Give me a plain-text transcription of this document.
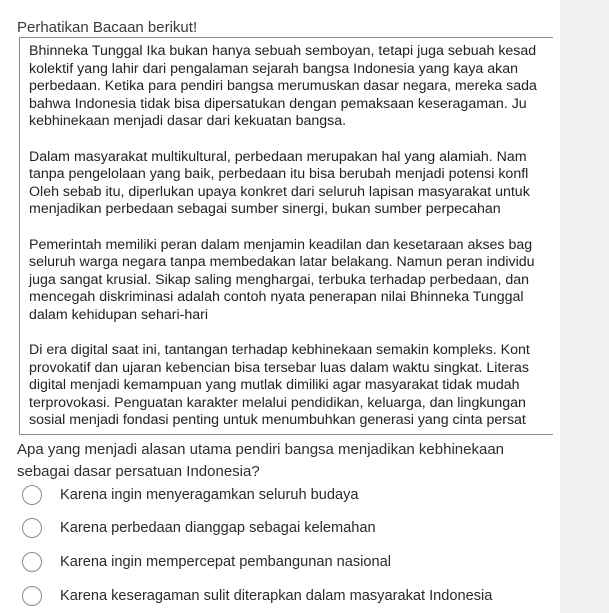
Perhatikan Bacaan berikut!
Bhinneka Tunggal Ika bukan hanya sebuah semboyan, tetapi juga sebuah kesad
kolektif yang lahir dari pengalaman sejarah bangsa Indonesia yang kaya akan
perbedaan. Ketika para pendiri bangsa merumuskan dasar negara, mereka sada
bahwa Indonesia tidak bisa dipersatukan dengan pemaksaan keseragaman. Ju
kebhinekaan menjadi dasar dari kekuatan bangsa.
Dalam masyarakat multikultural, perbedaan merupakan hal yang alamiah. Nam
tanpa pengelolaan yang baik, perbedaan itu bisa berubah menjadi potensi konfl
Oleh sebab itu, diperlukan upaya konkret dari seluruh lapisan masyarakat untuk
menjadikan perbedaan sebagai sumber sinergi, bukan sumber perpecahan
Pemerintah memiliki peran dalam menjamin keadilan dan kesetaraan akses bag
seluruh warga negara tanpa membedakan latar belakang. Namun peran individu
juga sangat krusial. Sikap saling menghargai, terbuka terhadap perbedaan, dan
mencegah diskriminasi adalah contoh nyata penerapan nilai Bhinneka Tunggal
dalam kehidupan sehari-hari
Di era digital saat ini, tantangan terhadap kebhinekaan semakin kompleks. Kont
provokatif dan ujaran kebencian bisa tersebar luas dalam waktu singkat. Literas
digital menjadi kemampuan yang mutlak dimiliki agar masyarakat tidak mudah
terprovokasi. Penguatan karakter melalui pendidikan, keluarga, dan lingkungan
sosial menjadi fondasi penting untuk menumbuhkan generasi yang cinta persat
Apa yang menjadi alasan utama pendiri bangsa menjadikan kebhinekaan
sebagai dasar persatuan Indonesia?
Karena ingin menyeragamkan seluruh budaya
Karena perbedaan dianggap sebagai kelemahan
Karena ingin mempercepat pembangunan nasional
Karena keseragaman sulit diterapkan dalam masyarakat Indonesia
